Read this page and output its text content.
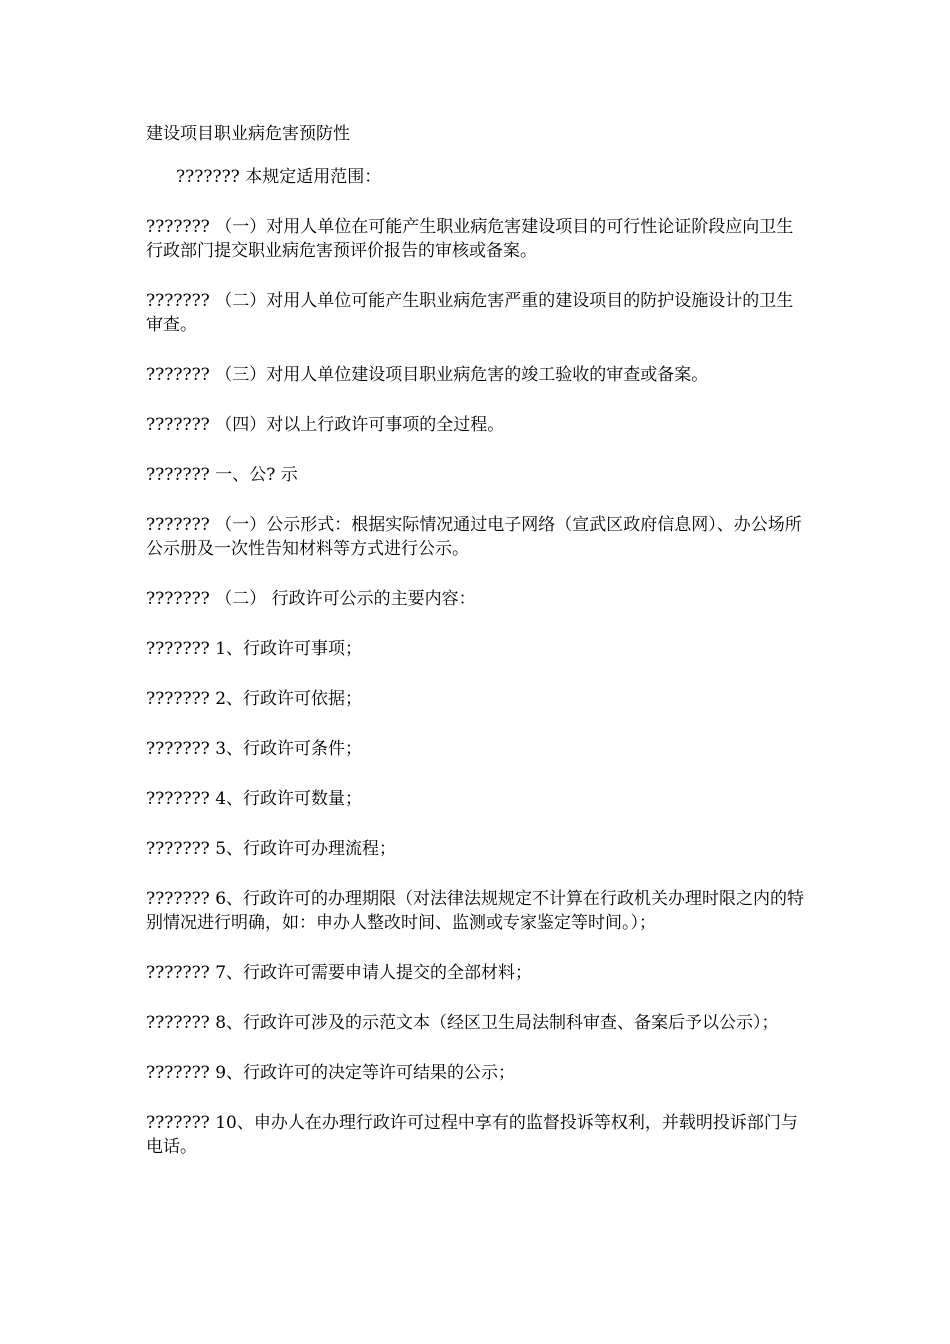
建设项目职业病危害预防性

??????? 本规定适用范围：

??????? （一）对用人单位在可能产生职业病危害建设项目的可行性论证阶段应向卫生行政部门提交职业病危害预评价报告的审核或备案。

??????? （二）对用人单位可能产生职业病危害严重的建设项目的防护设施设计的卫生审查。

??????? （三）对用人单位建设项目职业病危害的竣工验收的审查或备案。

??????? （四）对以上行政许可事项的全过程。

??????? 一、公? 示

??????? （一）公示形式：根据实际情况通过电子网络（宣武区政府信息网）、办公场所公示册及一次性告知材料等方式进行公示。

??????? （二） 行政许可公示的主要内容：

??????? 1、行政许可事项；

??????? 2、行政许可依据；

??????? 3、行政许可条件；

??????? 4、行政许可数量；

??????? 5、行政许可办理流程；

??????? 6、行政许可的办理期限（对法律法规规定不计算在行政机关办理时限之内的特别情况进行明确，如：申办人整改时间、监测或专家鉴定等时间。）；

??????? 7、行政许可需要申请人提交的全部材料；

??????? 8、行政许可涉及的示范文本（经区卫生局法制科审查、备案后予以公示）；

??????? 9、行政许可的决定等许可结果的公示；

??????? 10、申办人在办理行政许可过程中享有的监督投诉等权利，并载明投诉部门与电话。
